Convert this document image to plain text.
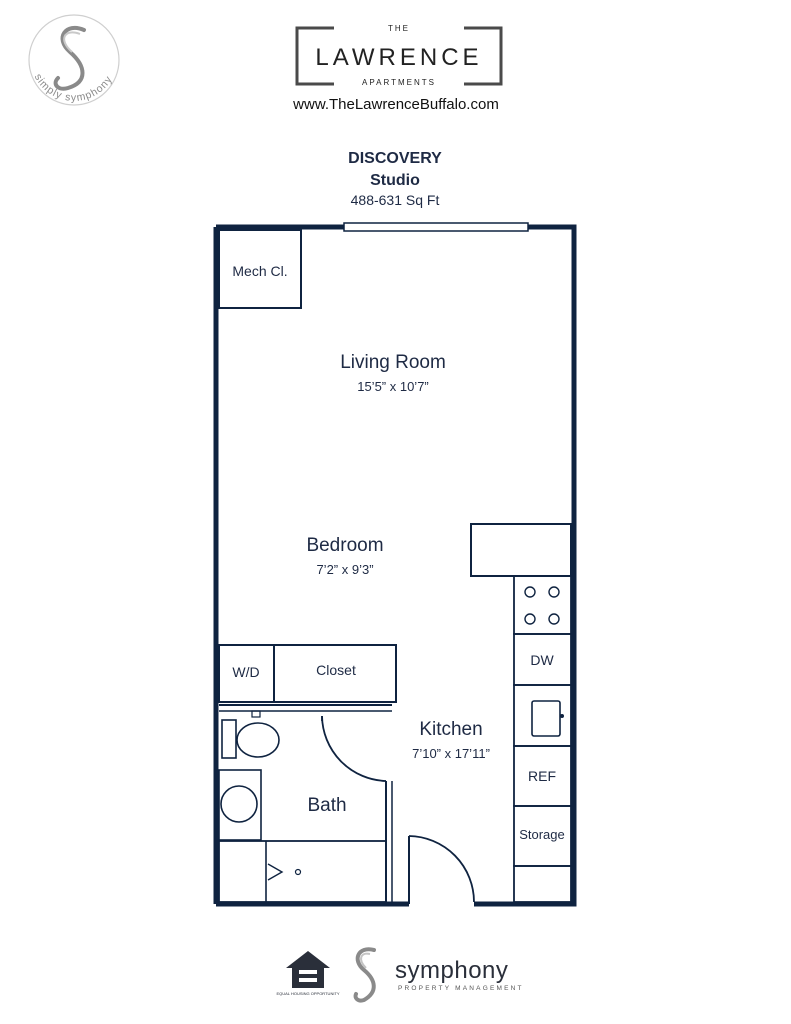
simply symphony
THE
LAWRENCE
APARTMENTS
www.TheLawrenceBuffalo.com
DISCOVERY
Studio
488-631 Sq Ft
Mech Cl.
Living Room
15’5” x 10’7”
Bedroom
7’2” x 9’3”
W/D	Closet
Kitchen
7’10” x 17’11”
Bath
DW
REF
Storage
EQUAL HOUSING OPPORTUNITY
symphony
PROPERTY MANAGEMENT
